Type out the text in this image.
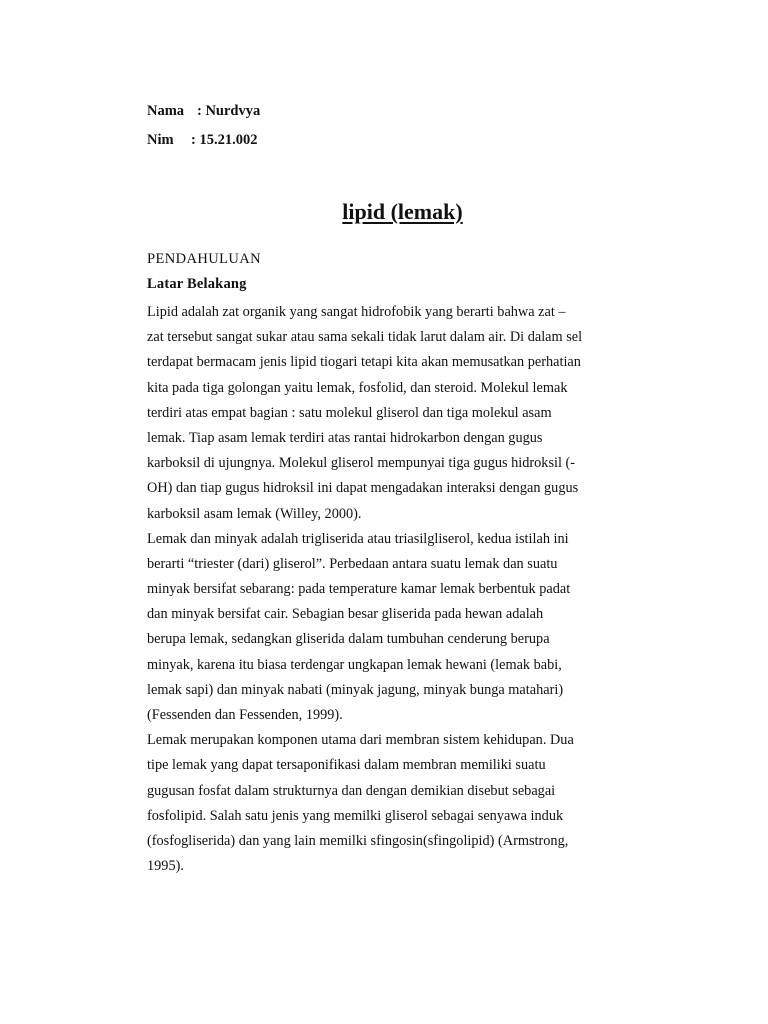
Nama : Nurdvya
Nim : 15.21.002
lipid (lemak)
PENDAHULUAN
Latar Belakang
Lipid adalah zat organik yang sangat hidrofobik yang berarti bahwa zat –
zat tersebut sangat sukar atau sama sekali tidak larut dalam air. Di dalam sel
terdapat bermacam jenis lipid tiogari tetapi kita akan memusatkan perhatian
kita pada tiga golongan yaitu lemak, fosfolid, dan steroid. Molekul lemak
terdiri atas empat bagian : satu molekul gliserol dan tiga molekul asam
lemak. Tiap asam lemak terdiri atas rantai hidrokarbon dengan gugus
karboksil di ujungnya. Molekul gliserol mempunyai tiga gugus hidroksil (-
OH) dan tiap gugus hidroksil ini dapat mengadakan interaksi dengan gugus
karboksil asam lemak (Willey, 2000).
Lemak dan minyak adalah trigliserida atau triasilgliserol, kedua istilah ini
berarti “triester (dari) gliserol”. Perbedaan antara suatu lemak dan suatu
minyak bersifat sebarang: pada temperature kamar lemak berbentuk padat
dan minyak bersifat cair. Sebagian besar gliserida pada hewan adalah
berupa lemak, sedangkan gliserida dalam tumbuhan cenderung berupa
minyak, karena itu biasa terdengar ungkapan lemak hewani (lemak babi,
lemak sapi) dan minyak nabati (minyak jagung, minyak bunga matahari)
(Fessenden dan Fessenden, 1999).
Lemak merupakan komponen utama dari membran sistem kehidupan. Dua
tipe lemak yang dapat tersaponifikasi dalam membran memiliki suatu
gugusan fosfat dalam strukturnya dan dengan demikian disebut sebagai
fosfolipid. Salah satu jenis yang memilki gliserol sebagai senyawa induk
(fosfogliserida) dan yang lain memilki sfingosin(sfingolipid) (Armstrong,
1995).
